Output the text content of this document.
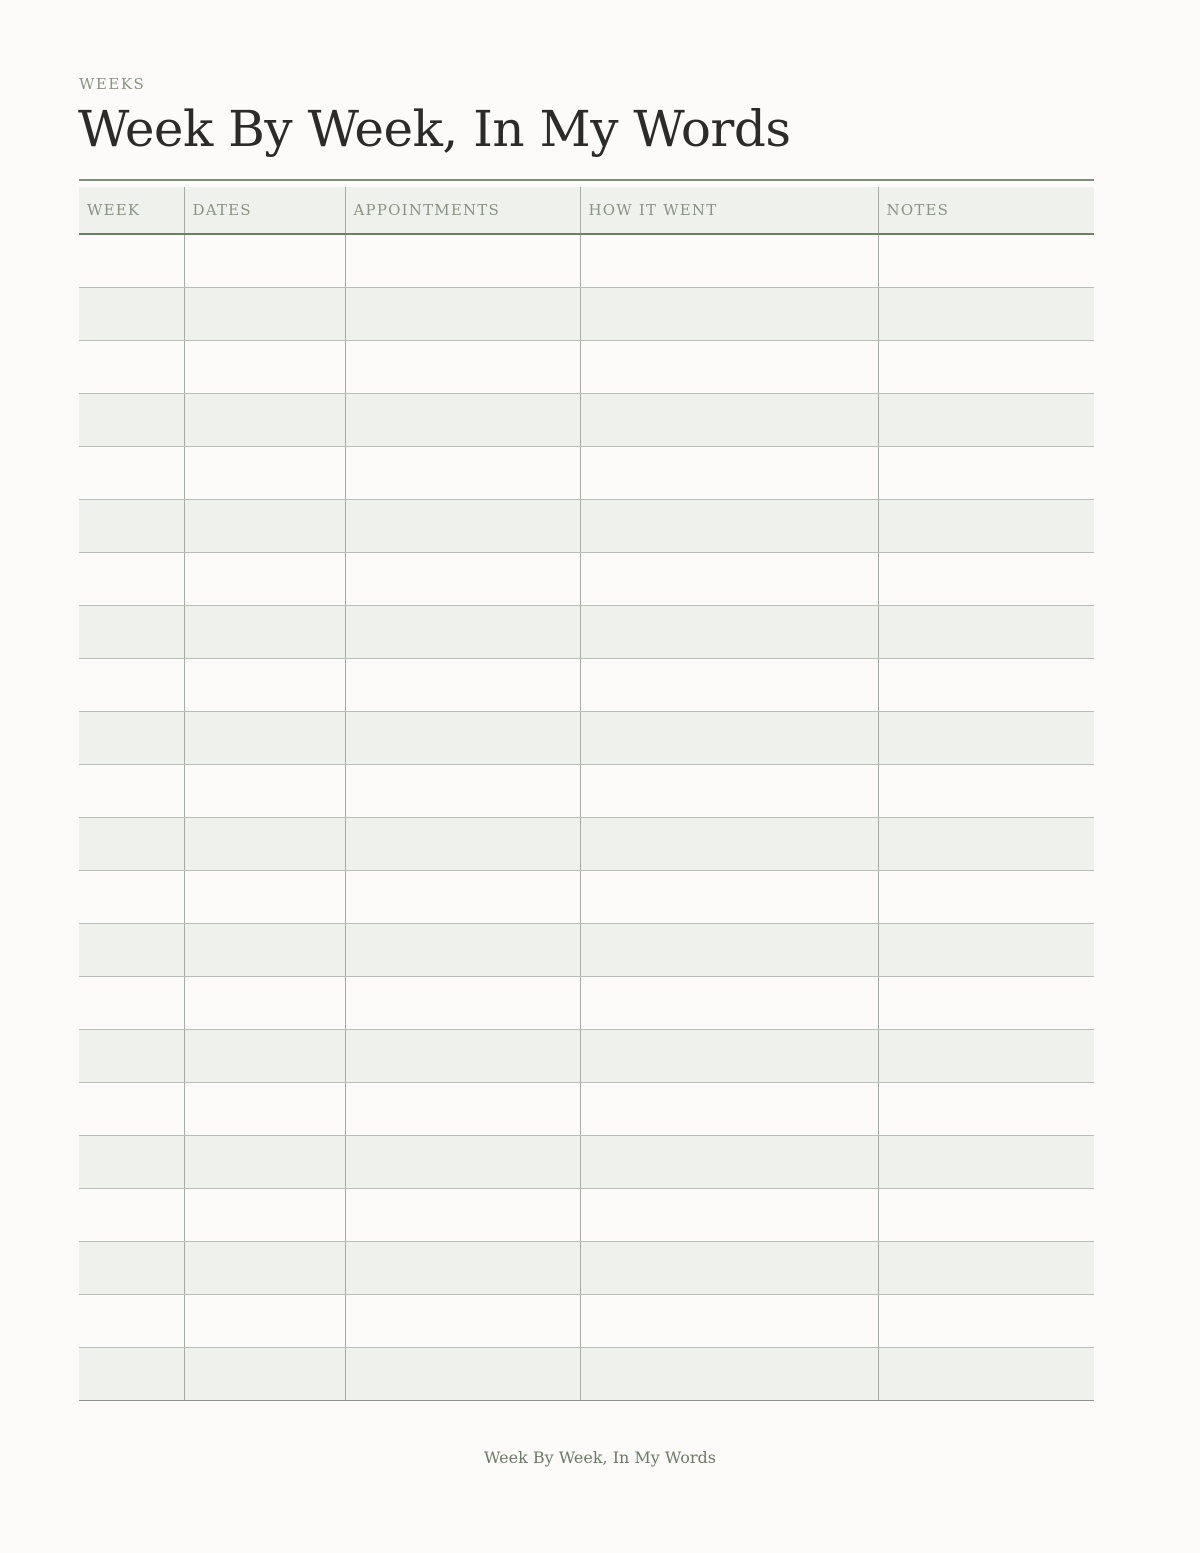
WEEKS
Week By Week, In My Words
WEEK	DATES	APPOINTMENTS	HOW IT WENT	NOTES

Week By Week, In My Words
